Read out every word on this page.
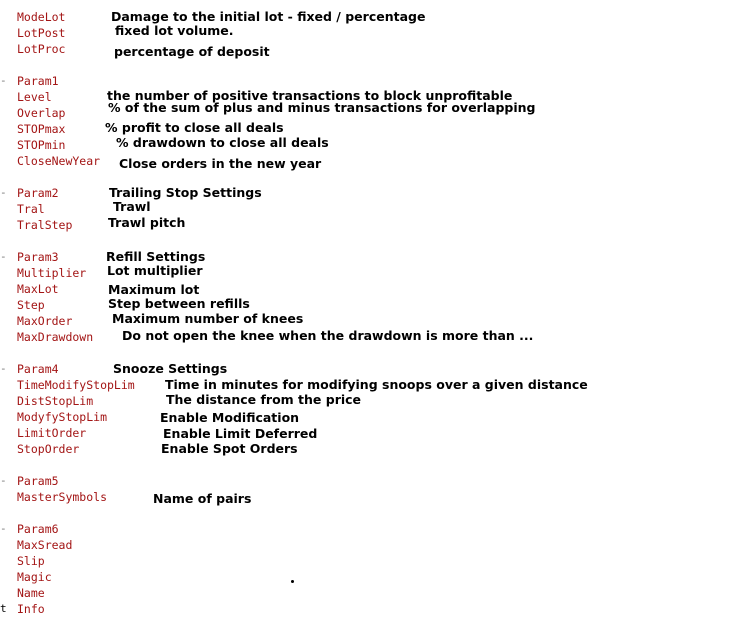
ModeLot	Damage to the initial lot - fixed / percentage
LotPost	fixed lot volume.
LotProc	percentage of deposit
Param1
-
Level	the number of positive transactions to block unprofitable
Overlap	% of the sum of plus and minus transactions for overlapping
STOPmax	% profit to close all deals
STOPmin	% drawdown to close all deals
CloseNewYear Close orders in the new year
Param2	Trailing Stop Settings
-
Tral	Trawl
TralStep	Trawl pitch
Param3	Refill Settings
-
Multiplier Lot multiplier
MaxLot	Maximum lot
Step	Step between refills
MaxOrder	Maximum number of knees
MaxDrawdown Do not open the knee when the drawdown is more than ...
Param4	Snooze Settings
-
TimeModifyStopLim Time in minutes for modifying snoops over a given distance
DistStopLim	The distance from the price
ModyfyStopLim	Enable Modification
LimitOrder	Enable Limit Deferred
StopOrder	Enable Spot Orders
Param5
-
MasterSymbols	Name of pairs
Param6
-
MaxSread
Slip
Magic
Name
Info
t
